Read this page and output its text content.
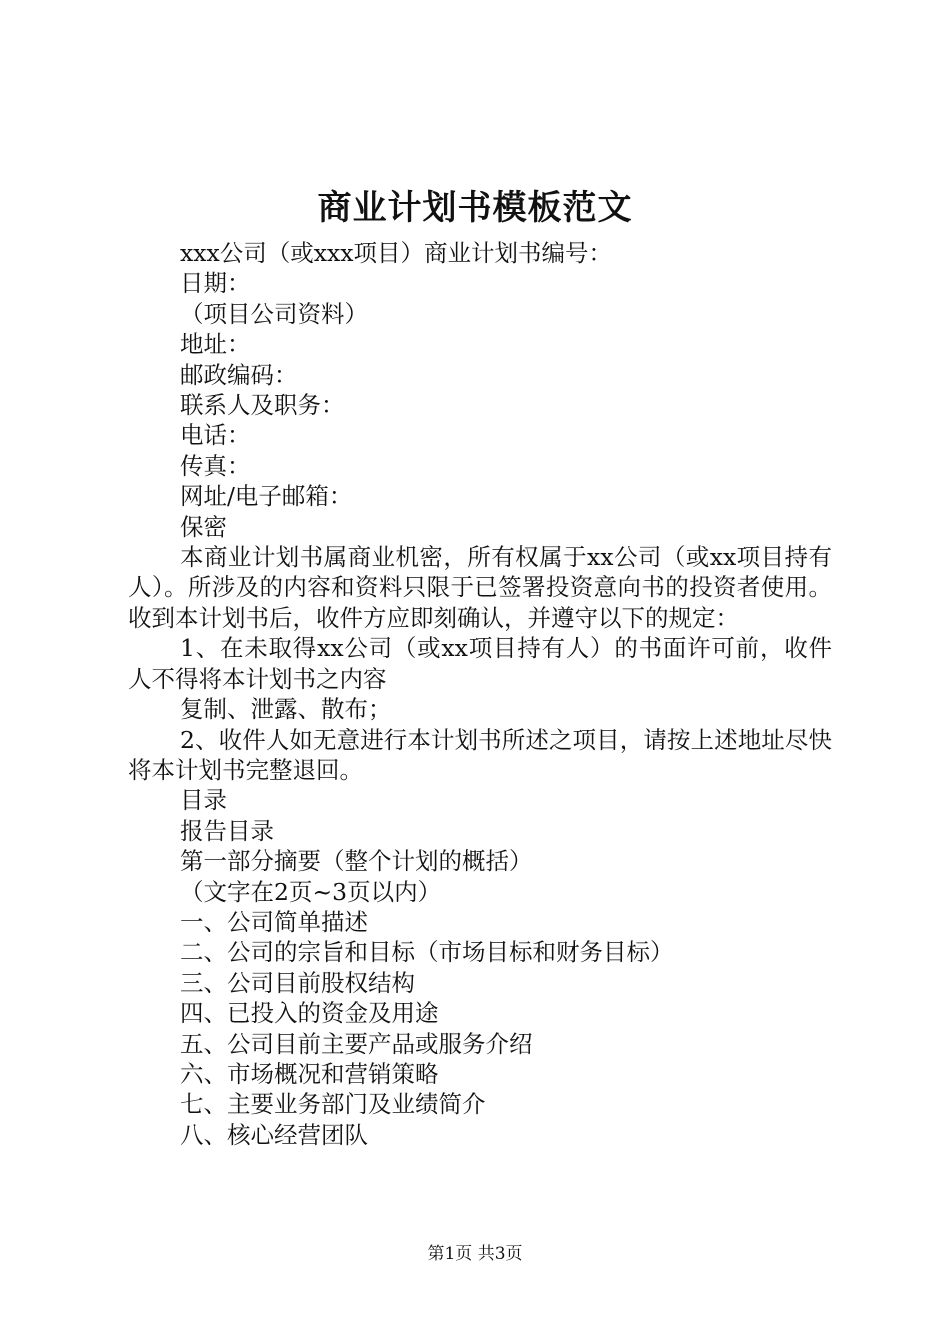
商业计划书模板范文

xxx公司（或xxx项目）商业计划书编号：

日期：

（项目公司资料）

地址：

邮政编码：

联系人及职务：

电话：

传真：

网址/电子邮箱：

保密

本商业计划书属商业机密，所有权属于xx公司（或xx项目持有人）。所涉及的内容和资料只限于已签署投资意向书的投资者使用。收到本计划书后，收件方应即刻确认，并遵守以下的规定：

1、在未取得xx公司（或xx项目持有人）的书面许可前，收件人不得将本计划书之内容

复制、泄露、散布；

2、收件人如无意进行本计划书所述之项目，请按上述地址尽快将本计划书完整退回。

目录

报告目录

第一部分摘要（整个计划的概括）

（文字在2页~3页以内）

一、公司简单描述

二、公司的宗旨和目标（市场目标和财务目标）

三、公司目前股权结构

四、已投入的资金及用途

五、公司目前主要产品或服务介绍

六、市场概况和营销策略

七、主要业务部门及业绩简介

八、核心经营团队

第1页 共3页
